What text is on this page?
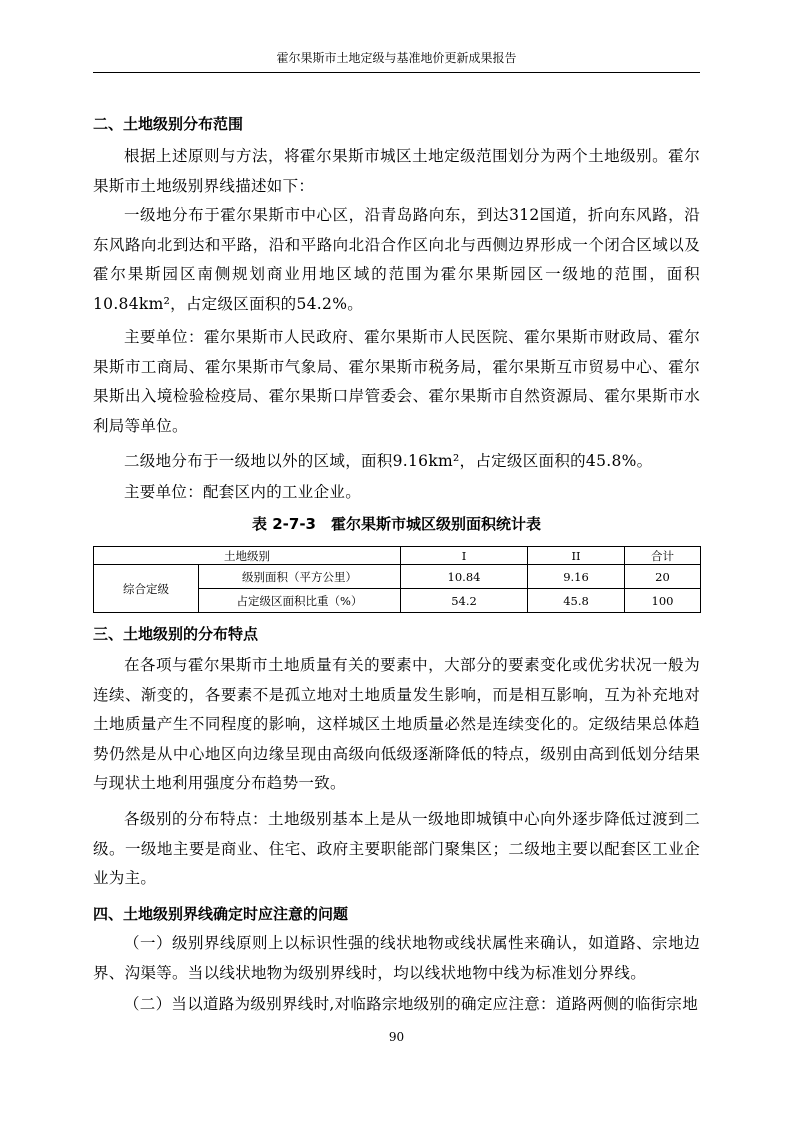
霍尔果斯市土地定级与基准地价更新成果报告
二、土地级别分布范围

根据上述原则与方法，将霍尔果斯市城区土地定级范围划分为两个土地级别。霍尔果斯市土地级别界线描述如下：

一级地分布于霍尔果斯市中心区，沿青岛路向东，到达312国道，折向东风路，沿东风路向北到达和平路，沿和平路向北沿合作区向北与西侧边界形成一个闭合区域以及霍尔果斯园区南侧规划商业用地区域的范围为霍尔果斯园区一级地的范围，面积10.84km²，占定级区面积的54.2%。

主要单位：霍尔果斯市人民政府、霍尔果斯市人民医院、霍尔果斯市财政局、霍尔果斯市工商局、霍尔果斯市气象局、霍尔果斯市税务局，霍尔果斯互市贸易中心、霍尔果斯出入境检验检疫局、霍尔果斯口岸管委会、霍尔果斯市自然资源局、霍尔果斯市水利局等单位。

二级地分布于一级地以外的区域，面积9.16km²，占定级区面积的45.8%。

主要单位：配套区内的工业企业。

表 2-7-3　霍尔果斯市城区级别面积统计表

土地级别		I	II	合计
综合定级	级别面积（平方公里）	10.84	9.16	20
	占定级区面积比重（%）	54.2	45.8	100
三、土地级别的分布特点

在各项与霍尔果斯市土地质量有关的要素中，大部分的要素变化或优劣状况一般为连续、渐变的，各要素不是孤立地对土地质量发生影响，而是相互影响，互为补充地对土地质量产生不同程度的影响，这样城区土地质量必然是连续变化的。定级结果总体趋势仍然是从中心地区向边缘呈现由高级向低级逐渐降低的特点，级别由高到低划分结果与现状土地利用强度分布趋势一致。

各级别的分布特点：土地级别基本上是从一级地即城镇中心向外逐步降低过渡到二级。一级地主要是商业、住宅、政府主要职能部门聚集区；二级地主要以配套区工业企业为主。

四、土地级别界线确定时应注意的问题

（一）级别界线原则上以标识性强的线状地物或线状属性来确认，如道路、宗地边界、沟渠等。当以线状地物为级别界线时，均以线状地物中线为标准划分界线。

（二）当以道路为级别界线时,对临路宗地级别的确定应注意：道路两侧的临街宗地

90
